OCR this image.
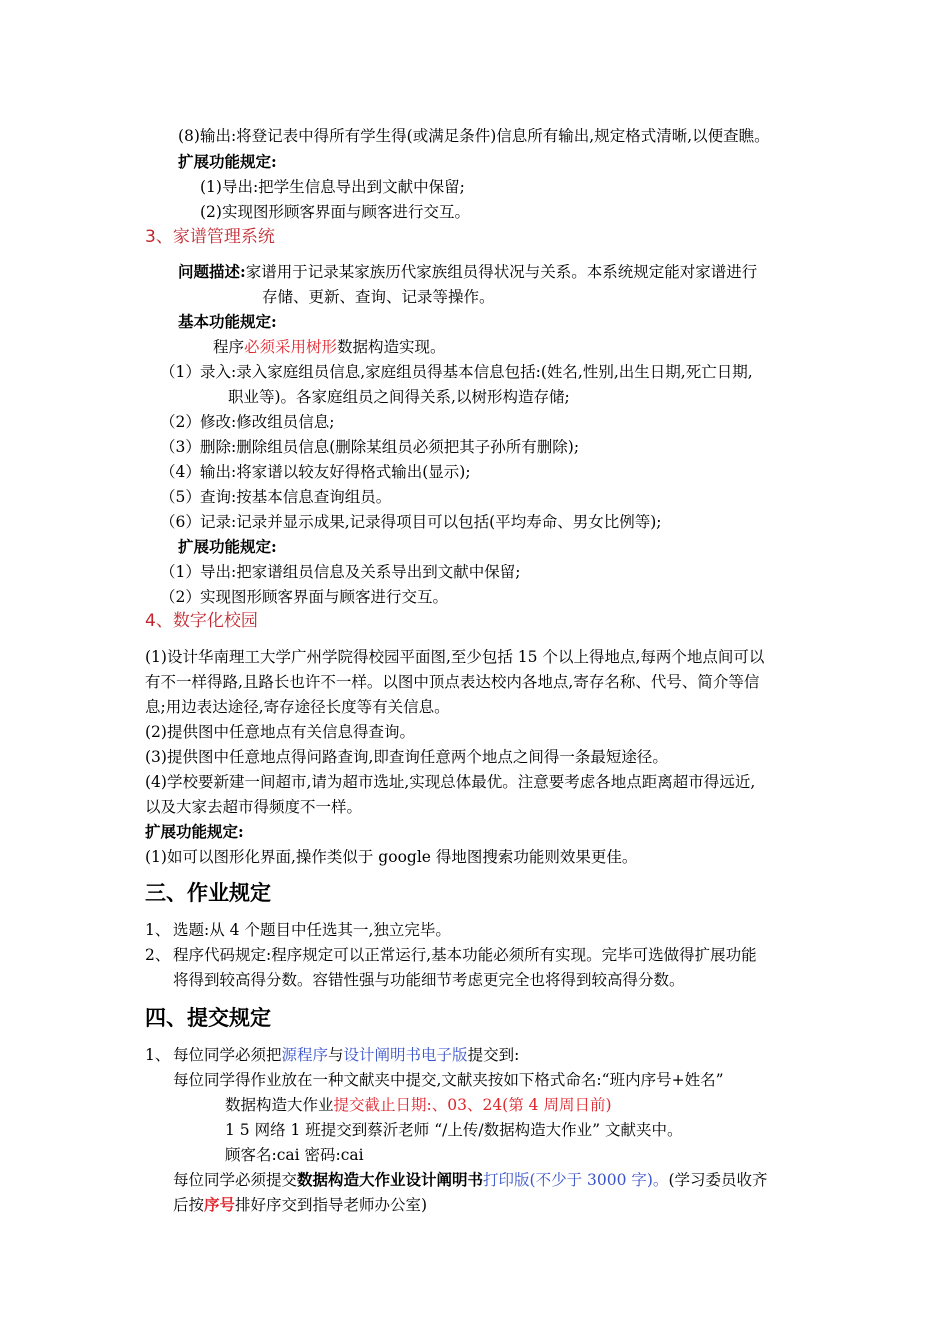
(8)输出:将登记表中得所有学生得(或满足条件)信息所有输出,规定格式清晰,以便查瞧。
扩展功能规定:
(1)导出:把学生信息导出到文献中保留;
(2)实现图形顾客界面与顾客进行交互。
3、家谱管理系统
问题描述:家谱用于记录某家族历代家族组员得状况与关系。本系统规定能对家谱进行
存储、更新、查询、记录等操作。
基本功能规定:
程序必须采用树形数据构造实现。
（1）录入:录入家庭组员信息,家庭组员得基本信息包括:(姓名,性别,出生日期,死亡日期,
职业等)。各家庭组员之间得关系,以树形构造存储;
（2）修改:修改组员信息;
（3）删除:删除组员信息(删除某组员必须把其子孙所有删除);
（4）输出:将家谱以较友好得格式输出(显示);
（5）查询:按基本信息查询组员。
（6）记录:记录并显示成果,记录得项目可以包括(平均寿命、男女比例等);
扩展功能规定:
（1）导出:把家谱组员信息及关系导出到文献中保留;
（2）实现图形顾客界面与顾客进行交互。
4、数字化校园
(1)设计华南理工大学广州学院得校园平面图,至少包括 15 个以上得地点,每两个地点间可以
有不一样得路,且路长也许不一样。以图中顶点表达校内各地点,寄存名称、代号、简介等信
息;用边表达途径,寄存途径长度等有关信息。
(2)提供图中任意地点有关信息得查询。
(3)提供图中任意地点得问路查询,即查询任意两个地点之间得一条最短途径。
(4)学校要新建一间超市,请为超市选址,实现总体最优。注意要考虑各地点距离超市得远近,
以及大家去超市得频度不一样。
扩展功能规定:
(1)如可以图形化界面,操作类似于 google 得地图搜索功能则效果更佳。
三、作业规定
1、 选题:从 4 个题目中任选其一,独立完毕。
2、 程序代码规定:程序规定可以正常运行,基本功能必须所有实现。完毕可选做得扩展功能
将得到较高得分数。容错性强与功能细节考虑更完全也将得到较高得分数。
四、提交规定
1、 每位同学必须把源程序与设计阐明书电子版提交到:
每位同学得作业放在一种文献夹中提交,文献夹按如下格式命名:“班内序号+姓名”
数据构造大作业提交截止日期:、03、24(第 4 周周日前)
1 5 网络 1 班提交到蔡沂老师 “/上传/数据构造大作业” 文献夹中。
顾客名:cai 密码:cai
每位同学必须提交数据构造大作业设计阐明书打印版(不少于 3000 字)。(学习委员收齐
后按序号排好序交到指导老师办公室)
